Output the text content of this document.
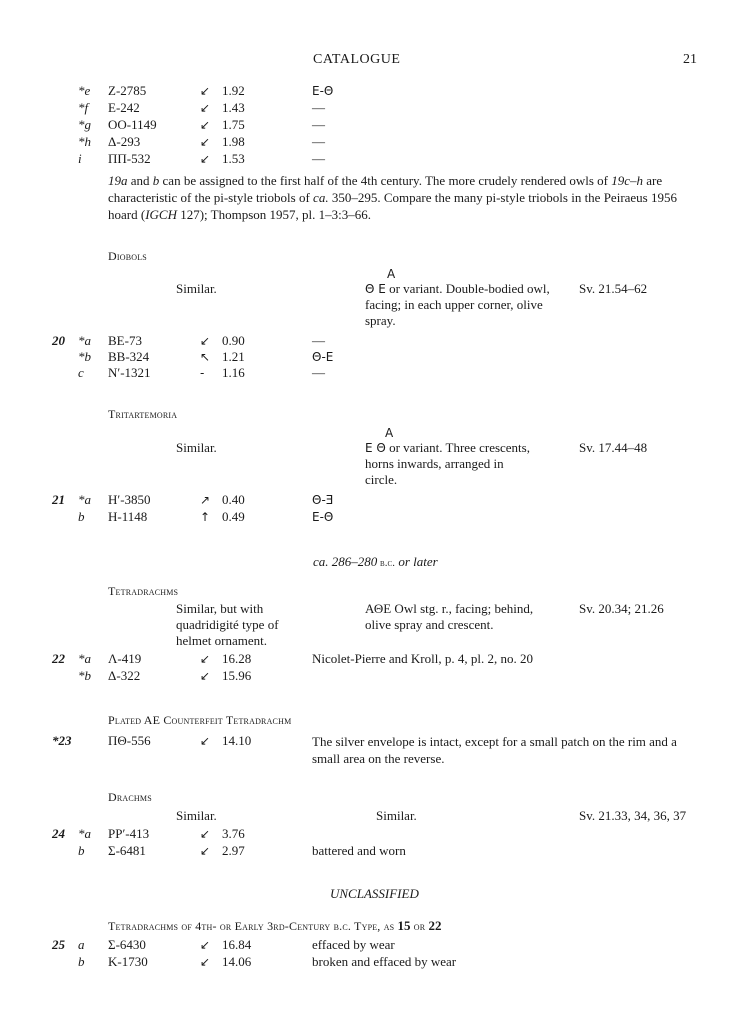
CATALOGUE	21
*e Z-2785	↙ 1.92	Ε-Θ
*f E-242	↙ 1.43	—
*g OO-1149	↙ 1.75	—
*h Δ-293	↙ 1.98	—
i ΠΠ-532	↙ 1.53	—
19a and b can be assigned to the first half of the 4th century. The more crudely rendered owls of 19c–h are characteristic of the pi-style triobols of ca. 350–295. Compare the many pi-style triobols in the Peiraeus 1956 hoard (IGCH 127); Thompson 1957, pl. 1–3:3–66.
Diobols
Similar.
A
Θ E or variant. Double-bodied owl, facing; in each upper corner, olive spray.
Sv. 21.54–62
20 *a BE-73	↙ 0.90	—
*b BB-324	↖ 1.21	Θ-Ε
c N′-1321	- 1.16	—
Tritartemoria
Similar.
A
E Θ or variant. Three crescents, horns inwards, arranged in circle.
Sv. 17.44–48
21 *a H′-3850	↗ 0.40	Θ-Ǝ
b H-1148	↑ 0.49	Ε-Θ
ca. 286–280 b.c. or later
Tetradrachms
Similar, but with quadridigité type of helmet ornament.
ΑΘΕ Owl stg. r., facing; behind, olive spray and crescent.
Sv. 20.34; 21.26
22 *a Λ-419	↙ 16.28	Nicolet-Pierre and Kroll, p. 4, pl. 2, no. 20
*b Δ-322	↙ 15.96
Plated AE Counterfeit Tetradrachm
*23	ΠΘ-556	↙ 14.10	The silver envelope is intact, except for a small patch on the rim and a small area on the reverse.
Drachms
Similar.	Similar.	Sv. 21.33, 34, 36, 37
24 *a PP′-413	↙ 3.76
b Σ-6481	↙ 2.97	battered and worn
UNCLASSIFIED
Tetradrachms of 4th- or Early 3rd-Century b.c. Type, as 15 or 22
25 a Σ-6430	↙ 16.84	effaced by wear
b K-1730	↙ 14.06	broken and effaced by wear
